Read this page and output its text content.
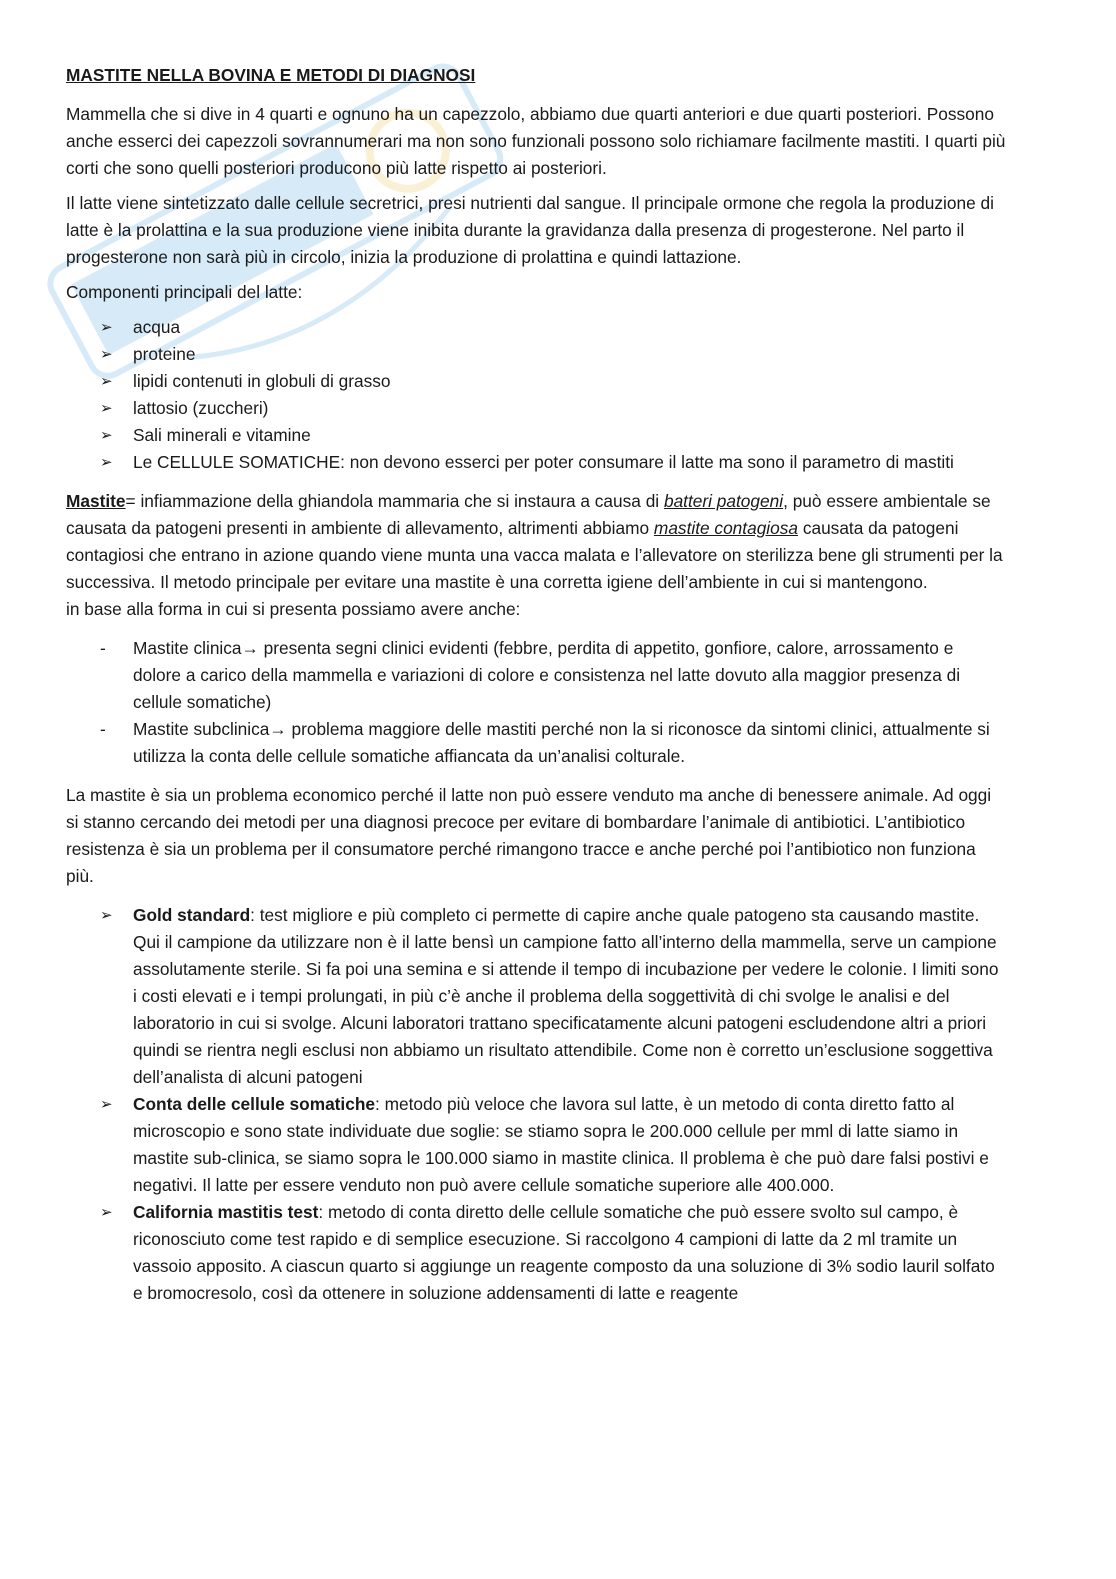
MASTITE NELLA BOVINA E METODI DI DIAGNOSI

Mammella che si dive in 4 quarti e ognuno ha un capezzolo, abbiamo due quarti anteriori e due quarti posteriori. Possono anche esserci dei capezzoli sovrannumerari ma non sono funzionali possono solo richiamare facilmente mastiti. I quarti più corti che sono quelli posteriori producono più latte rispetto ai posteriori.

Il latte viene sintetizzato dalle cellule secretrici, presi nutrienti dal sangue. Il principale ormone che regola la produzione di latte è la prolattina e la sua produzione viene inibita durante la gravidanza dalla presenza di progesterone. Nel parto il progesterone non sarà più in circolo, inizia la produzione di prolattina e quindi lattazione.

Componenti principali del latte:

➢	acqua
➢	proteine
➢	lipidi contenuti in globuli di grasso
➢	lattosio (zuccheri)
➢	Sali minerali e vitamine
➢	Le CELLULE SOMATICHE: non devono esserci per poter consumare il latte ma sono il parametro di mastiti

Mastite= infiammazione della ghiandola mammaria che si instaura a causa di batteri patogeni, può essere ambientale se causata da patogeni presenti in ambiente di allevamento, altrimenti abbiamo mastite contagiosa causata da patogeni contagiosi che entrano in azione quando viene munta una vacca malata e l’allevatore on sterilizza bene gli strumenti per la successiva. Il metodo principale per evitare una mastite è una corretta igiene dell’ambiente in cui si mantengono.

in base alla forma in cui si presenta possiamo avere anche:

- Mastite clinica→ presenta segni clinici evidenti (febbre, perdita di appetito, gonfiore, calore, arrossamento e dolore a carico della mammella e variazioni di colore e consistenza nel latte dovuto alla maggior presenza di cellule somatiche)
- Mastite subclinica→ problema maggiore delle mastiti perché non la si riconosce da sintomi clinici, attualmente si utilizza la conta delle cellule somatiche affiancata da un’analisi colturale.

La mastite è sia un problema economico perché il latte non può essere venduto ma anche di benessere animale. Ad oggi si stanno cercando dei metodi per una diagnosi precoce per evitare di bombardare l’animale di antibiotici. L’antibiotico resistenza è sia un problema per il consumatore perché rimangono tracce e anche perché poi l’antibiotico non funziona più.

➢	Gold standard: test migliore e più completo ci permette di capire anche quale patogeno sta causando mastite. Qui il campione da utilizzare non è il latte bensì un campione fatto all’interno della mammella, serve un campione assolutamente sterile. Si fa poi una semina e si attende il tempo di incubazione per vedere le colonie. I limiti sono i costi elevati e i tempi prolungati, in più c’è anche il problema della soggettività di chi svolge le analisi e del laboratorio in cui si svolge. Alcuni laboratori trattano specificatamente alcuni patogeni escludendone altri a priori quindi se rientra negli esclusi non abbiamo un risultato attendibile. Come non è corretto un’esclusione soggettiva dell’analista di alcuni patogeni
➢	Conta delle cellule somatiche: metodo più veloce che lavora sul latte, è un metodo di conta diretto fatto al microscopio e sono state individuate due soglie: se stiamo sopra le 200.000 cellule per mml di latte siamo in mastite sub-clinica, se siamo sopra le 100.000 siamo in mastite clinica. Il problema è che può dare falsi postivi e negativi. Il latte per essere venduto non può avere cellule somatiche superiore alle 400.000.
➢	California mastitis test: metodo di conta diretto delle cellule somatiche che può essere svolto sul campo, è riconosciuto come test rapido e di semplice esecuzione. Si raccolgono 4 campioni di latte da 2 ml tramite un vassoio apposito. A ciascun quarto si aggiunge un reagente composto da una soluzione di 3% sodio lauril solfato e bromocresolo, così da ottenere in soluzione addensamenti di latte e reagente
